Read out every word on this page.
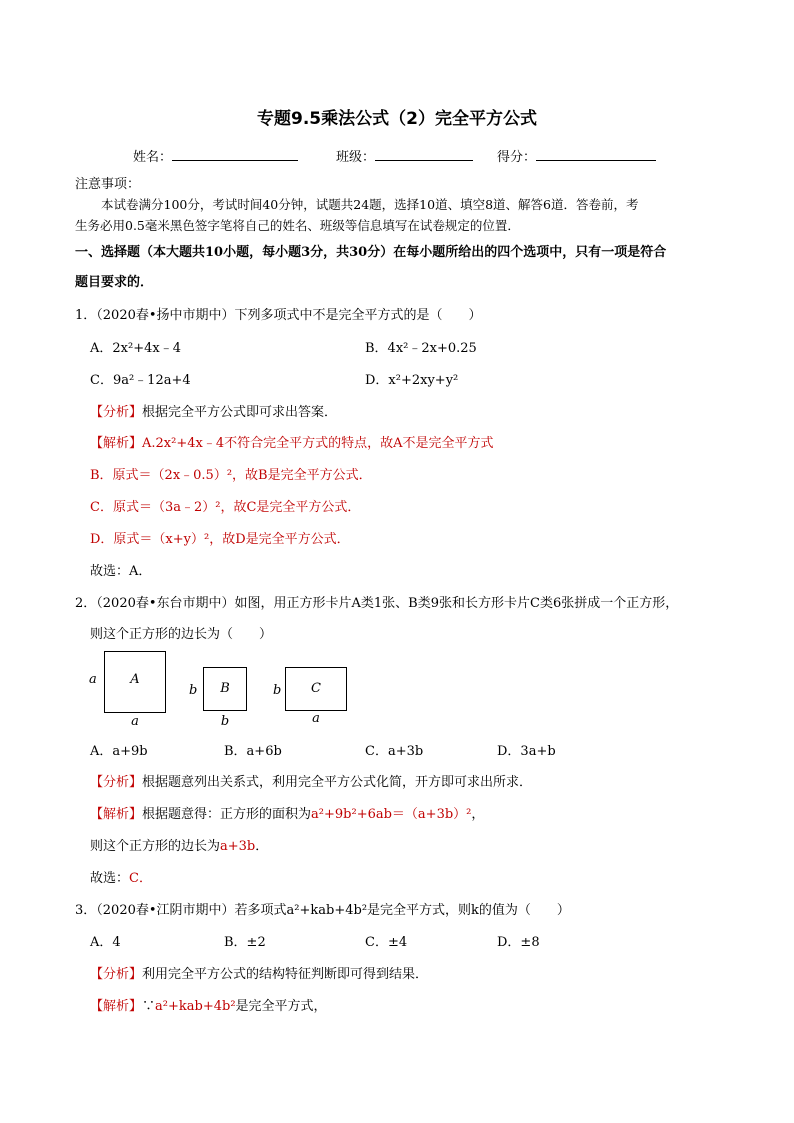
专题9.5乘法公式（2）完全平方公式
姓名：	班级：	得分：
注意事项：
本试卷满分100分，考试时间40分钟，试题共24题，选择10道、填空8道、解答6道．答卷前，考
生务必用0.5毫米黑色签字笔将自己的姓名、班级等信息填写在试卷规定的位置．
一、选择题（本大题共10小题，每小题3分，共30分）在每小题所给出的四个选项中，只有一项是符合
题目要求的．
1．（2020春•扬中市期中）下列多项式中不是完全平方式的是（　　）
A．2x²+4x﹣4	B．4x²﹣2x+0.25
C．9a²﹣12a+4	D．x²+2xy+y²
【分析】根据完全平方公式即可求出答案．
【解析】A.2x²+4x﹣4不符合完全平方式的特点，故A不是完全平方式
B．原式＝（2x﹣0.5）²，故B是完全平方公式．
C．原式＝（3a﹣2）²，故C是完全平方公式．
D．原式＝（x+y）²，故D是完全平方公式．
故选：A．
2．（2020春•东台市期中）如图，用正方形卡片A类1张、B类9张和长方形卡片C类6张拼成一个正方形，
则这个正方形的边长为（　　）
a	A
a
b	B
b
b	C
a
A．a+9b	B．a+6b	C．a+3b	D．3a+b
【分析】根据题意列出关系式，利用完全平方公式化简，开方即可求出所求．
【解析】根据题意得：正方形的面积为a²+9b²+6ab＝（a+3b）²，
则这个正方形的边长为a+3b．
故选：C．
3．（2020春•江阴市期中）若多项式a²+kab+4b²是完全平方式，则k的值为（　　）
A．4	B．±2	C．±4	D．±8
【分析】利用完全平方公式的结构特征判断即可得到结果．
【解析】∵a²+kab+4b²是完全平方式，
